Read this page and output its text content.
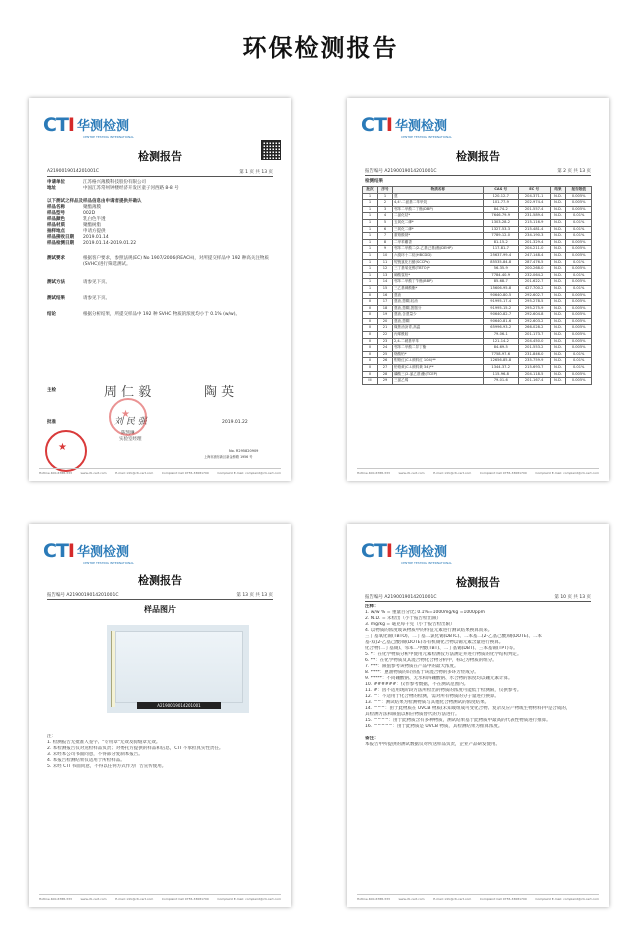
环保检测报告
CTI 华测检测
CENTRE TESTING INTERNATIONAL
检测报告
A2190019014201001C	第 1 页 共 13 页
申请单位	江苏格兴薄膜科技股份有限公司
地址	中国江苏常州钟楼经济开发区童子河西路 8-8 号
以下测试之样品及样品信息由申请者提供并确认
样品名称	聚酯薄膜
样品型号	002D
样品颜色	乳白色半透
样品材质	聚酯树脂
抽样地点	申请方提供
样品接收日期	2019.01.14
样品检测日期	2019.01.14-2019.01.22
测试要求	根据客户要求，参照法规(EC) No 1907/2006(REACH)，对所提交样品中 192 种高关注物质(SVHC)进行筛选测试。
测试方法	请参见下页。
测试结果	请参见下页。
结论	根据分析结果，所提交样品中 192 种 SVHC 物质的浓度均小于 0.1% (w/w)。
主检	周 仁 毅	陶 英
批准	刘 民 强
陈凯琳
实验室经理
2019.01.22
No. R295820909
上海市浦东新区新金桥路 1956 号
★
★
Hotline 400-6788-333	www.cti-cert.com	E-mail: info@cti-cert.com	Complaint Call 0755-33681700	Complaint E-mail: complaint@cti-cert.com
CTI 华测检测
CENTRE TESTING INTERNATIONAL
检测报告
报告编号 A2190019014201001C	第 2 页 共 13 页
检测结果
批次	序号	物质名称	CAS 号	EC 号	结果	报告限值
1	1	蒽	120-12-7	204-371-1	N.D.	0.005%
1	2	4,4'-二氨基二苯甲烷	101-77-9	202-974-4	N.D.	0.005%
1	3	邻苯二甲酸二丁酯(DBP)	84-74-2	201-557-4	N.D.	0.005%
1	4	二氯化钴*	7646-79-9	231-589-4	N.D.	0.01%
1	5	五氧化二砷*	1303-28-2	215-116-9	N.D.	0.01%
1	6	三氧化二砷*	1327-53-3	215-481-4	N.D.	0.01%
1	7	重铬酸钠*	7789-12-0	234-190-3	N.D.	0.01%
1	8	二甲苯麝香	81-15-2	201-329-4	N.D.	0.005%
1	9	邻苯二甲酸二(2-乙基己基)酯(DEHP)	117-81-7	204-211-0	N.D.	0.005%
1	10	六溴环十二烷(HBCDD)	25637-99-4	247-148-4	N.D.	0.005%
1	11	短链氯化石蜡(SCCPs)	85535-84-8	287-476-5	N.D.	0.01%
1	12	三丁基氧化锡(TBTO)*	56-35-9	200-268-0	N.D.	0.005%
1	13	砷酸氢铅*	7784-40-9	232-064-2	N.D.	0.01%
1	14	邻苯二甲酸丁苄酯(BBP)	85-68-7	201-622-7	N.D.	0.005%
1	15	三乙基砷酸酯*	15606-95-8	427-700-2	N.D.	0.01%
II	16	蒽油	90640-80-5	292-602-7	N.D.	0.005%
II	17	蒽油,蒽糊,轻油	91995-17-4	295-278-5	N.D.	0.005%
II	18	蒽油,蒽糊,蒽馏分	91995-15-2	295-275-9	N.D.	0.005%
II	19	蒽油,含蒽量少	90640-82-7	292-604-8	N.D.	0.005%
II	20	蒽油,蒽糊	90640-81-6	292-603-2	N.D.	0.005%
II	21	煤焦油沥青,高温	65996-93-2	266-028-2	N.D.	0.005%
II	22	丙烯酰胺	79-06-1	201-173-7	N.D.	0.005%
II	23	2,4-二硝基甲苯	121-14-2	204-450-0	N.D.	0.005%
II	24	邻苯二甲酸二异丁酯	84-69-5	201-553-2	N.D.	0.005%
II	25	铬酸铅*	7758-97-6	231-846-0	N.D.	0.01%
II	26	钼铬红(C.I.颜料红 104)**	12656-85-8	235-759-9	N.D.	0.01%
II	27	铅铬黄(C.I.颜料黄 34)**	1344-37-2	215-693-7	N.D.	0.01%
II	28	磷酸三(2-氯乙基)酯(TCEP)	115-96-8	204-118-5	N.D.	0.005%
III	29	三氯乙烯	79-01-6	201-167-4	N.D.	0.005%
Hotline 400-6788-333	www.cti-cert.com	E-mail: info@cti-cert.com	Complaint Call 0755-33681700	Complaint E-mail: complaint@cti-cert.com
CTI 华测检测
CENTRE TESTING INTERNATIONAL
检测报告
报告编号 A2190019014201001C	第 13 页 共 13 页
样品图片
A2190019014201001
注：
1. 检测报告无批准人签字、"专用章"无效及骑缝章无效。
2. 本检测报告仅对送检样品负责；对委托方提供的样品和信息，CTI 不承担真实性责任。
3. 未经本公司书面同意，不得部分复制本报告。
4. 本报告检测结果仅适用于所检样品。
5. 未经 CTI 书面同意，不得以任何方式作为广告宣传使用。
Hotline 400-6788-333	www.cti-cert.com	E-mail: info@cti-cert.com	Complaint Call 0755-33681700	Complaint E-mail: complaint@cti-cert.com
CTI 华测检测
CENTRE TESTING INTERNATIONAL
检测报告
报告编号 A2190019014201001C	第 10 页 共 13 页
注释：
1. w/w % = 重量百分比; 0.1%=1000mg/kg =1000ppm
2. N.D. = 未检出（小于报告检出限）
3. mg/kg = 毫克每千克（小于报告检出限）
4. 以物质的浓度或该物质中的特征元素进行测试结果换算而来。
三丁基氧化锡(TBTO)、二丁基二氯化锡(DBTC)、二苯基二(2-乙基己酸)锡(DOTE)、二苯
基-双(2-乙基己酸)锡(DOTE)等有机锡化合物以锡元素含量进行换算。
化合物(二丁基锡)、邻苯二甲酸(TBT)、二丁基锡(DBT)、三苯基锡(TPT)等。
5. *：在化学物质分析中使用元素检测仪方法测定并进行物质的化学结构判定。
6. **：在化学物质及其混合物化合物分析中，标记为物质的组分。
7. ***：限值参考该物质在产品中的最大浓度。
8. ****：蒽油物质的识别基于该混合物的多环芳烃成分。
9. *****：不同硼酸钠、无水和四硼酸钠、水合物的浓度均以硼元素计算。
10. ######：仅作参考数据，不在测试范围内。
11. #：因不适用现阶段方法所检出的物质的浓度可能低于检测限，仅供参考。
12. ^：不适用于化合物的检测，需对所有物质的分子量进行换算。
13. ^^：测试结果为检测物质与其他化合物测试的浓度结果。
14. ^^^：由于此物质在 UVCB 物质(未知或组成可变化合物、复杂反应产物或生物材料)中是合成的，
其检测方法和限值以相应物质替代的方法进行。
15. ^^^^：由于此物质含有多种物质，测试结果基于此物质中最高的代表性物质进行推算。
16. ^^^^^：由于此物质是 UVCB 物质，其检测结果为推算浓度。
备注：
本报告中所提供的测试数据仅对所送样品负责，企业产品研发使用。
Hotline 400-6788-333	www.cti-cert.com	E-mail: info@cti-cert.com	Complaint Call 0755-33681700	Complaint E-mail: complaint@cti-cert.com
